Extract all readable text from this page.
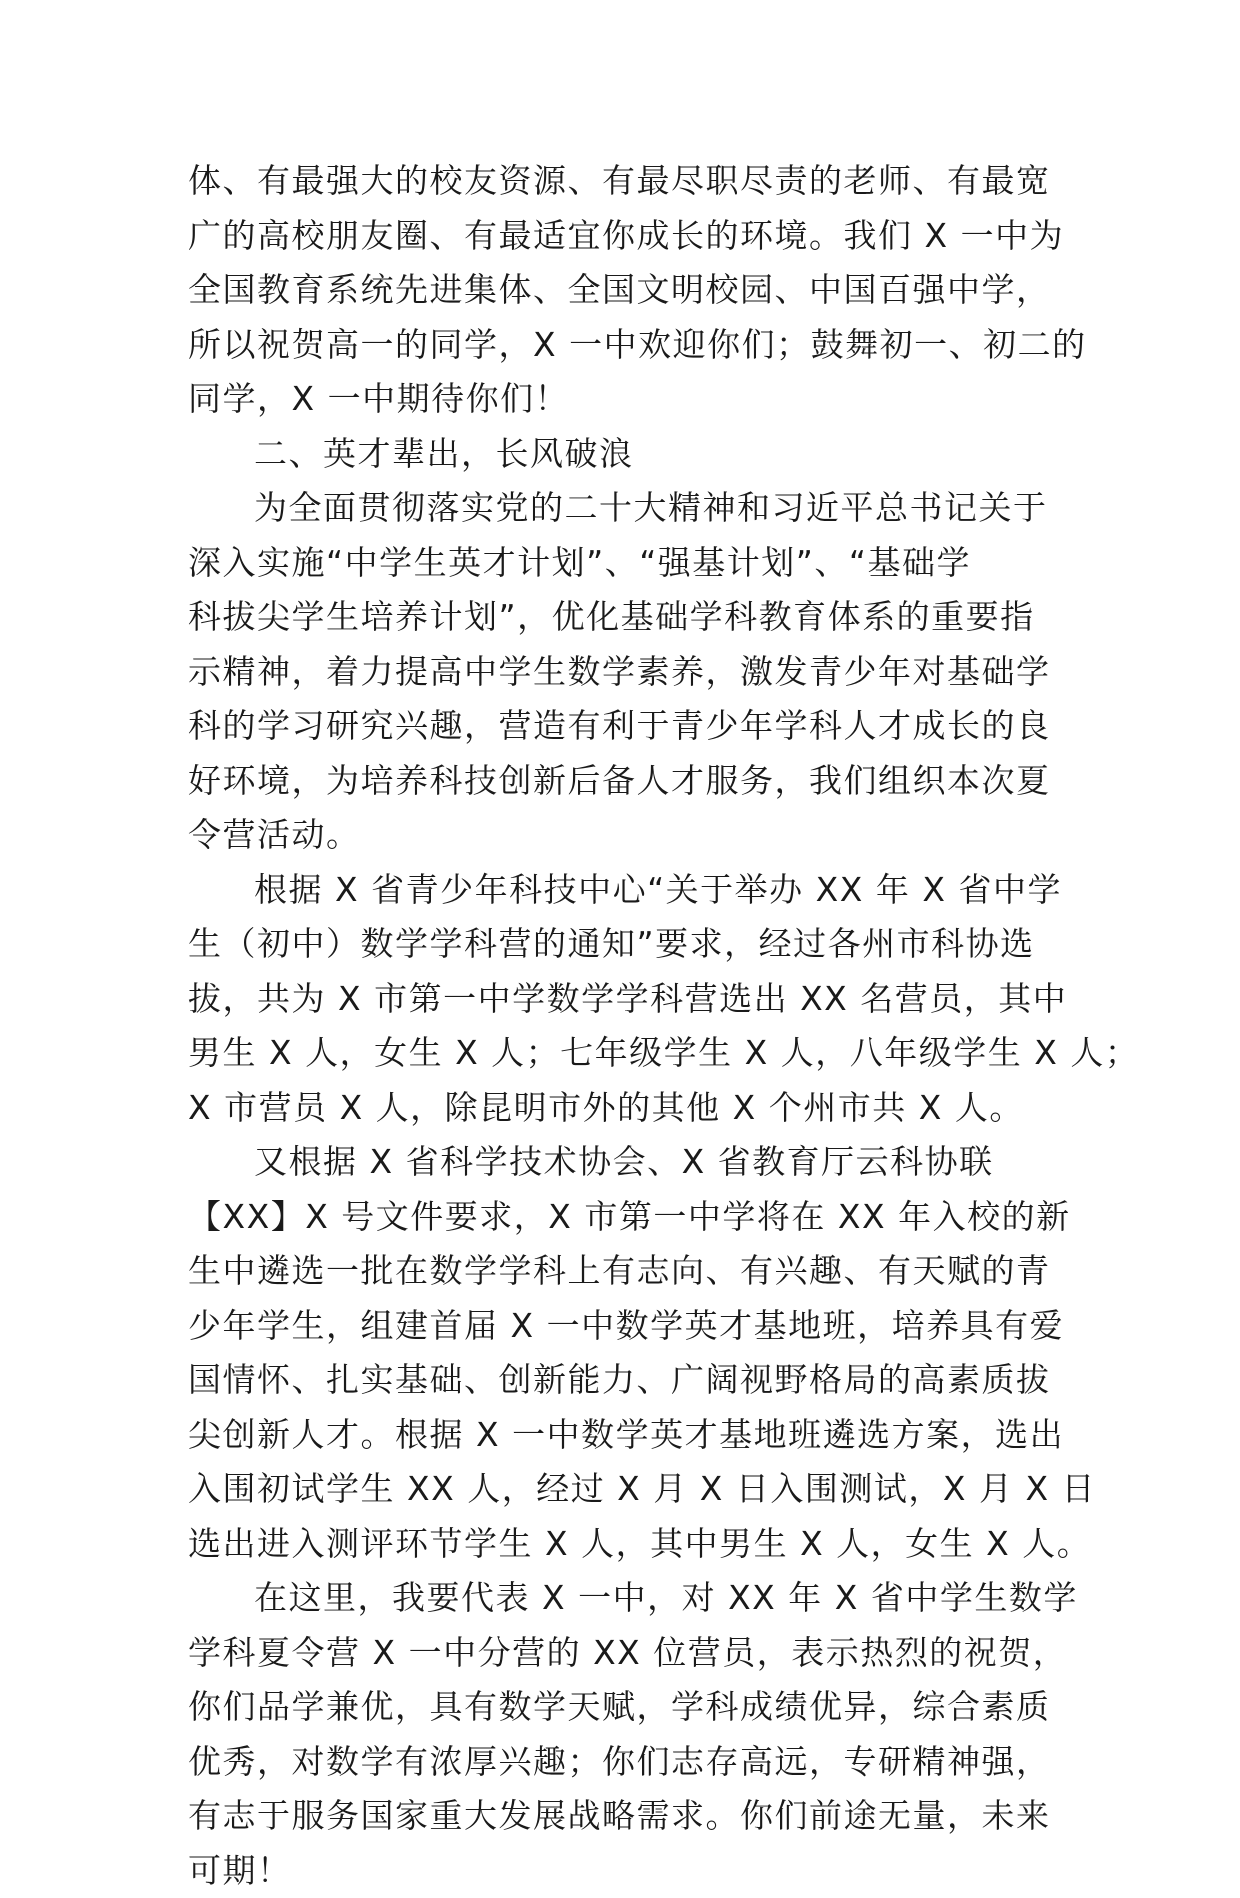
体、有最强大的校友资源、有最尽职尽责的老师、有最宽
广的高校朋友圈、有最适宜你成长的环境。我们 X 一中为
全国教育系统先进集体、全国文明校园、中国百强中学，
所以祝贺高一的同学，X 一中欢迎你们；鼓舞初一、初二的
同学，X 一中期待你们！
二、英才辈出，长风破浪
为全面贯彻落实党的二十大精神和习近平总书记关于
深入实施“中学生英才计划”、“强基计划”、“基础学
科拔尖学生培养计划”，优化基础学科教育体系的重要指
示精神，着力提高中学生数学素养，激发青少年对基础学
科的学习研究兴趣，营造有利于青少年学科人才成长的良
好环境，为培养科技创新后备人才服务，我们组织本次夏
令营活动。
根据 X 省青少年科技中心“关于举办 XX 年 X 省中学
生（初中）数学学科营的通知”要求，经过各州市科协选
拔，共为 X 市第一中学数学学科营选出 XX 名营员，其中
男生 X 人，女生 X 人；七年级学生 X 人，八年级学生 X 人；
X 市营员 X 人，除昆明市外的其他 X 个州市共 X 人。
又根据 X 省科学技术协会、X 省教育厅云科协联
【XX】X 号文件要求，X 市第一中学将在 XX 年入校的新
生中遴选一批在数学学科上有志向、有兴趣、有天赋的青
少年学生，组建首届 X 一中数学英才基地班，培养具有爱
国情怀、扎实基础、创新能力、广阔视野格局的高素质拔
尖创新人才。根据 X 一中数学英才基地班遴选方案，选出
入围初试学生 XX 人，经过 X 月 X 日入围测试，X 月 X 日
选出进入测评环节学生 X 人，其中男生 X 人，女生 X 人。
在这里，我要代表 X 一中，对 XX 年 X 省中学生数学
学科夏令营 X 一中分营的 XX 位营员，表示热烈的祝贺，
你们品学兼优，具有数学天赋，学科成绩优异，综合素质
优秀，对数学有浓厚兴趣；你们志存高远，专研精神强，
有志于服务国家重大发展战略需求。你们前途无量，未来
可期！
